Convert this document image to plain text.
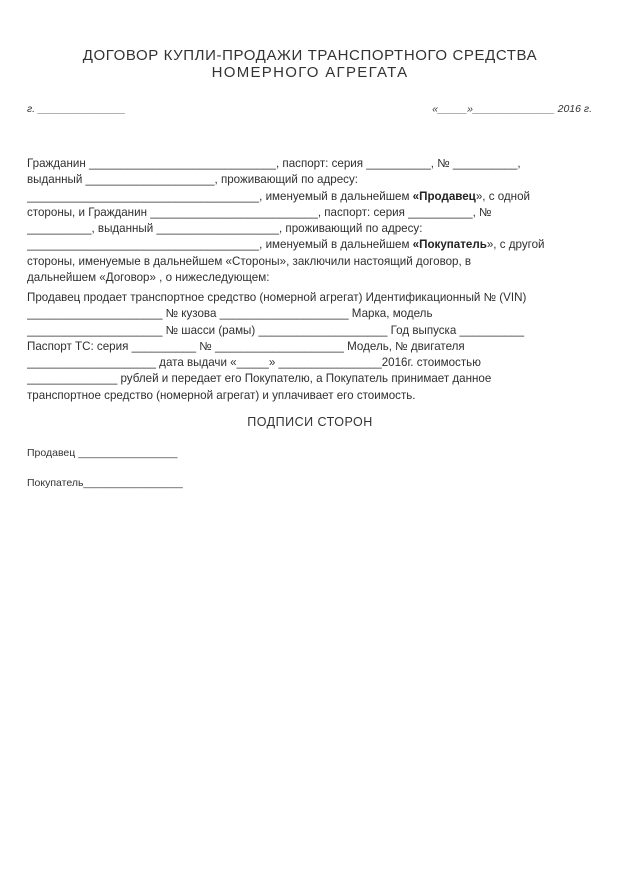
ДОГОВОР КУПЛИ-ПРОДАЖИ ТРАНСПОРТНОГО СРЕДСТВА
НОМЕРНОГО АГРЕГАТА
г. _______________	«_____»______________ 2016 г.
Гражданин _____________________________, паспорт: серия __________, № __________,
выданный ____________________, проживающий по адресу:
____________________________________, именуемый в дальнейшем «Продавец», с одной
стороны, и Гражданин __________________________, паспорт: серия __________, №
__________, выданный ___________________, проживающий по адресу:
____________________________________, именуемый в дальнейшем «Покупатель», с другой
стороны, именуемые в дальнейшем «Стороны», заключили настоящий договор, в
дальнейшем «Договор» , о нижеследующем:
Продавец продает транспортное средство (номерной агрегат) Идентификационный № (VIN)
_____________________ № кузова ____________________ Марка, модель
_____________________ № шасси (рамы) ____________________ Год выпуска __________
Паспорт ТС: серия __________ № ____________________ Модель, № двигателя
____________________ дата выдачи «_____» ________________2016г. стоимостью
______________ рублей и передает его Покупателю, а Покупатель принимает данное
транспортное средство (номерной агрегат) и уплачивает его стоимость.
ПОДПИСИ СТОРОН
Продавец _________________
Покупатель_________________
